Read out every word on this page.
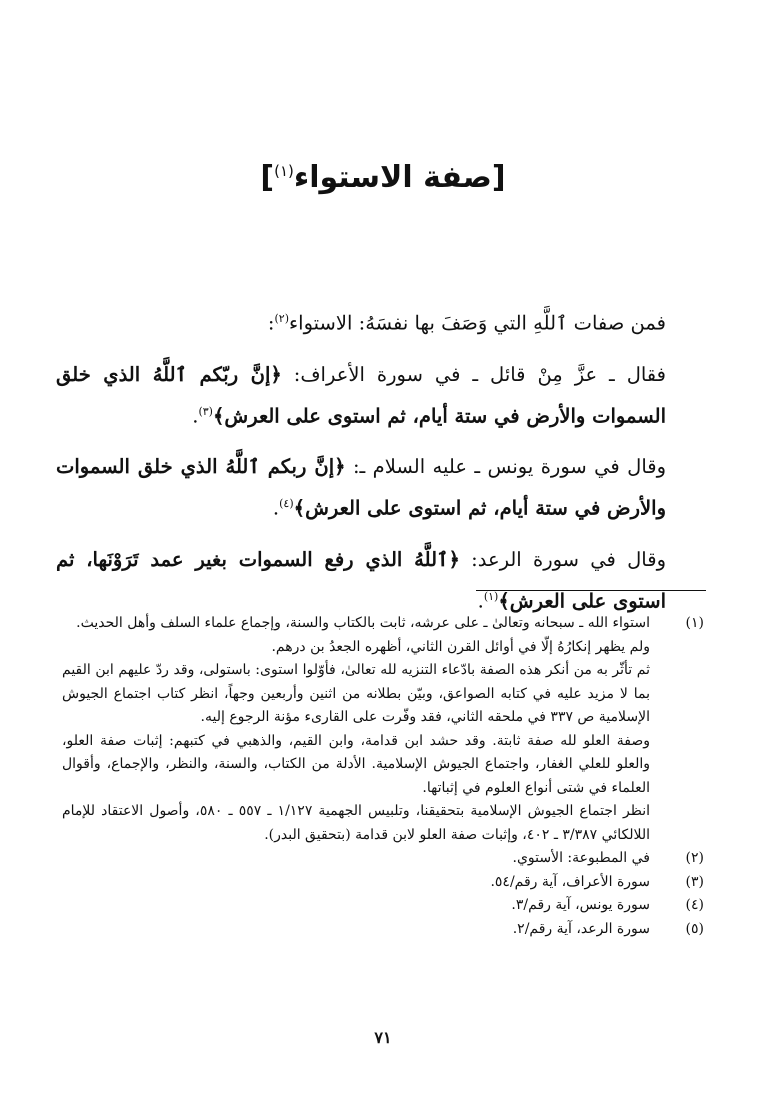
[صفة الاستواء$^{(١)}$]

فمن صفات ٱللَّهِ التي وَصَفَ بها نفسَهُ: الاستواء$^{(٢)}$:

فقال ـ عزَّ مِنْ قائل ـ في سورة الأعراف: ﴿إنَّ ربّكم ٱللَّهُ الذي خلق السموات والأرض في ستة أيام، ثم استوى على العرش﴾$^{(٣)}$.

وقال في سورة يونس ـ عليه السلام ـ: ﴿إنَّ ربكم ٱللَّهُ الذي خلق السموات والأرض في ستة أيام، ثم استوى على العرش﴾$^{(٤)}$.

وقال في سورة الرعد: ﴿ٱللَّهُ الذي رفع السموات بغير عمد تَرَوْنَها، ثم استوى على العرش﴾$^{(١)}$.

(١)
استواء الله ـ سبحانه وتعالىٰ ـ على عرشه، ثابت بالكتاب والسنة، وإجماع علماء السلف وأهل الحديث.
ولم يظهر إنكارُهُ إلّا في أوائل القرن الثاني، أظهره الجعدُ بن درهم.
ثم تأثّر به من أنكر هذه الصفة بادّعاء التنزيه لله تعالىٰ، فأوّلوا استوى: باستولى، وقد ردّ عليهم ابن القيم بما لا مزيد عليه في كتابه الصواعق، وبيّن بطلانه من اثنين وأربعين وجهاً، انظر كتاب اجتماع الجيوش الإسلامية ص ٣٣٧ في ملحقه الثاني، فقد وفّرت على القارىء مؤنة الرجوع إليه.
وصفة العلو لله صفة ثابتة. وقد حشد ابن قدامة، وابن القيم، والذهبي في كتبهم: إثبات صفة العلو، والعلو للعلي الغفار، واجتماع الجيوش الإسلامية. الأدلة من الكتاب، والسنة، والنظر، والإجماع، وأقوال العلماء في شتى أنواع العلوم في إثباتها.
انظر اجتماع الجيوش الإسلامية بتحقيقنا، وتلبيس الجهمية ١/١٢٧ ـ ٥٥٧ ـ ٥٨٠، وأصول الاعتقاد للإمام اللالكائي ٣/٣٨٧ ـ ٤٠٢، وإثبات صفة العلو لابن قدامة (بتحقيق البدر).
(٢)
في المطبوعة: الأستوي.
(٣)
سورة الأعراف، آية رقم/٥٤.
(٤)
سورة يونس، آية رقم/٣.
(٥)
سورة الرعد، آية رقم/٢.
٧١
